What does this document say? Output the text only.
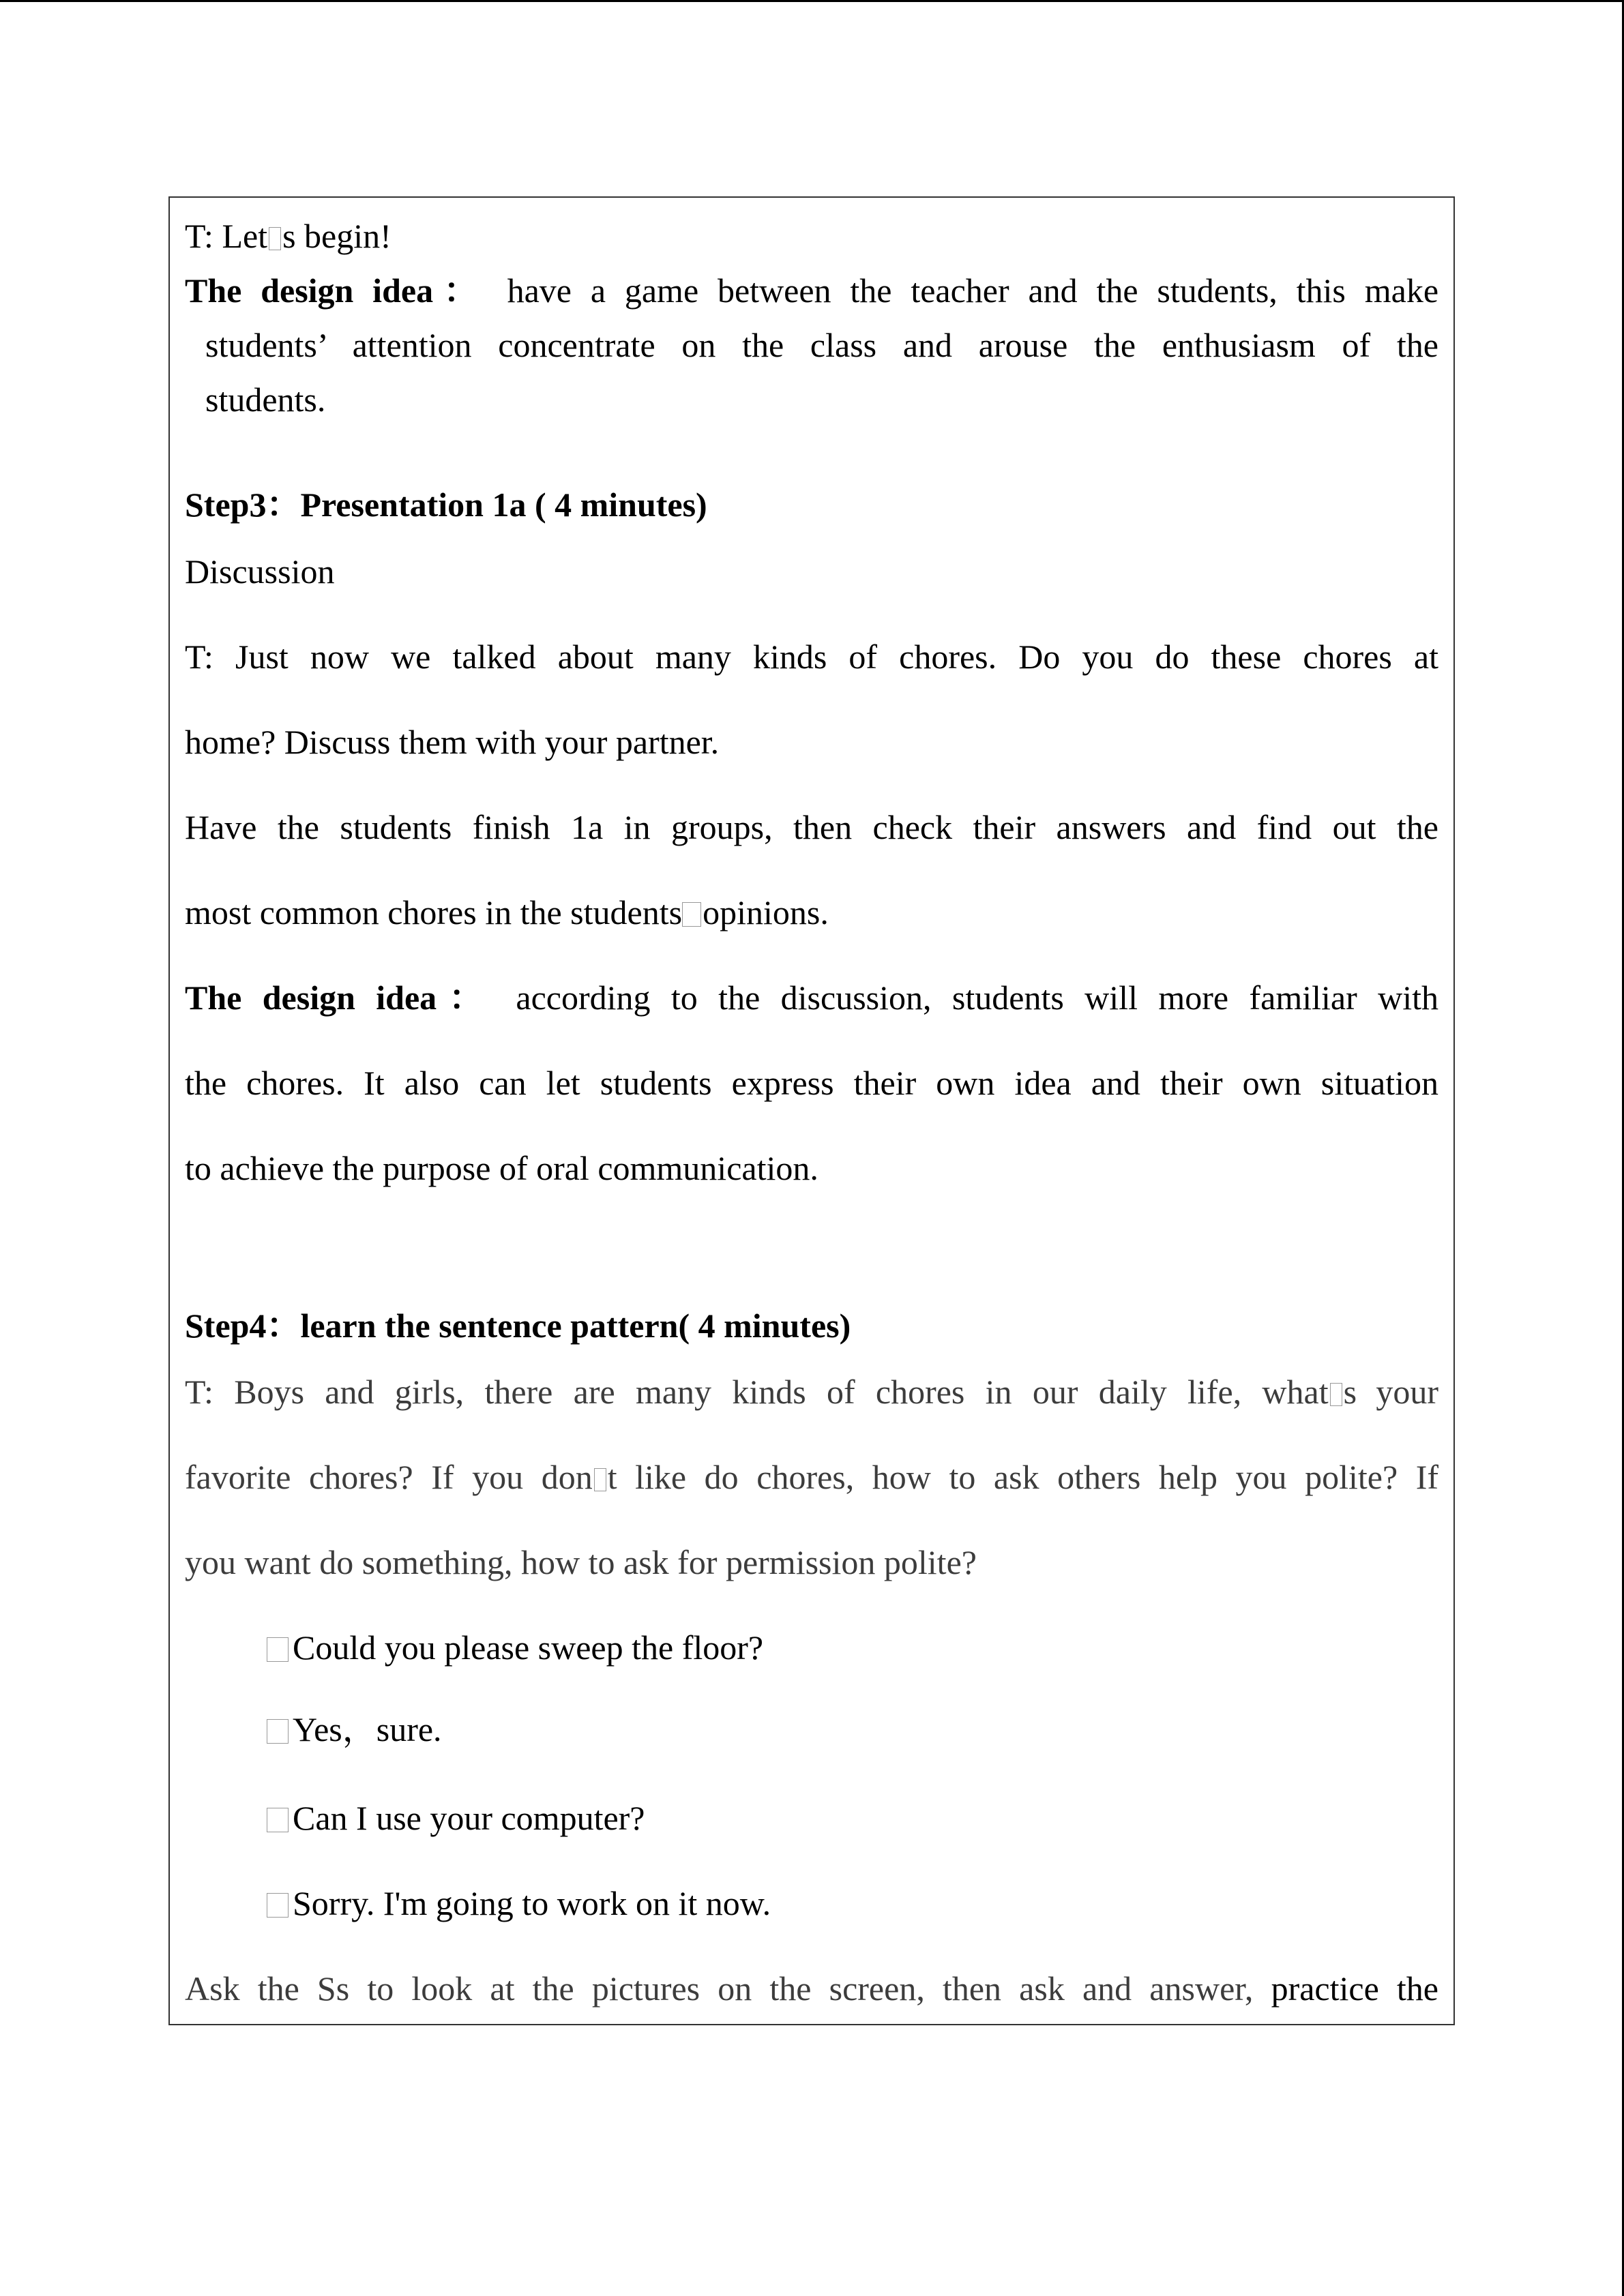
T: Let s begin!
The design idea： have a game between the teacher and the students, this make
students’ attention concentrate on the class and arouse the enthusiasm of the
students.
Step3：Presentation 1a ( 4 minutes)
Discussion
T: Just now we talked about many kinds of chores. Do you do these chores at
home? Discuss them with your partner.
Have the students finish 1a in groups, then check their answers and find out the
most common chores in the students opinions.
The design idea： according to the discussion, students will more familiar with
the chores. It also can let students express their own idea and their own situation
to achieve the purpose of oral communication.
Step4：learn the sentence pattern( 4 minutes)
T: Boys and girls, there are many kinds of chores in our daily life, what s your
favorite chores? If you don t like do chores, how to ask others help you polite? If
you want do something, how to ask for permission polite?
Could you please sweep the floor?
Yes，sure.
Can I use your computer?
Sorry. I'm going to work on it now.
Ask the Ss to look at the pictures on the screen, then ask and answer, practice the
